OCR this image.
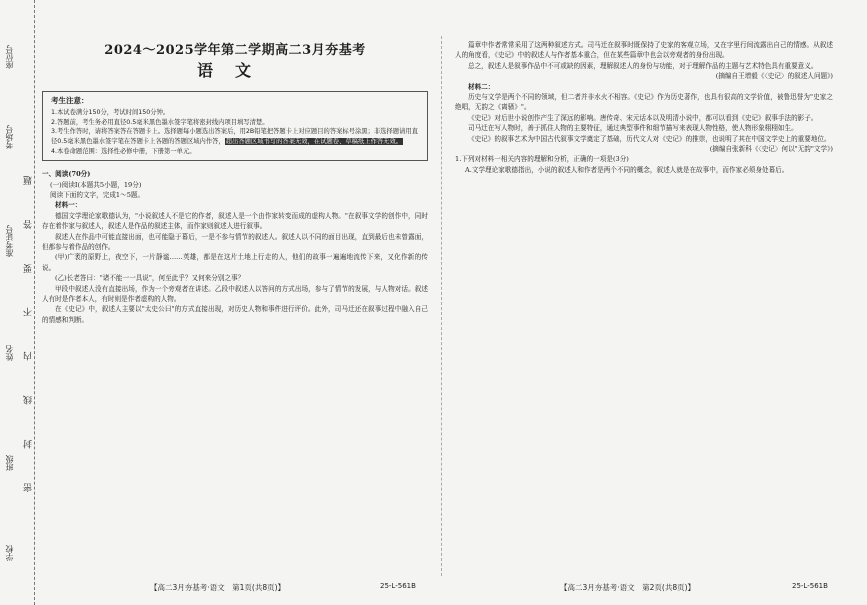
学校
班级
姓名
准考证号
考场号
座位号
密 封 线 内 不 要 答 题
2024～2025学年第二学期高二3月夯基考
语文
考生注意：
1.本试卷满分150分，考试时间150分钟。
2.答题前，考生务必用直径0.5毫米黑色墨水签字笔将密封线内项目填写清楚。
3.考生作答时，请将答案答在答题卡上。选择题每小题选出答案后，用2B铅笔把答题卡上对应题目的答案标号涂黑；非选择题请用直径0.5毫米黑色墨水签字笔在答题卡上各题的答题区域内作答，超出答题区域书写的答案无效，在试题卷、草稿纸上作答无效。
4.本卷命题范围：选择性必修中册，下册第一单元。

一、阅读(70分)

(一)阅读Ⅰ(本题共5小题，19分)

阅读下面的文字，完成1～5题。

材料一：

德国文学理论家歌德认为，"小说叙述人不是它的作者，叙述人是一个由作家转变而成的虚构人物。"在叙事文学的创作中，同时存在着作家与叙述人，叙述人是作品的叙述主体，而作家则叙述人进行叙事。

叙述人在作品中可能直接出面，也可能隐于幕后，一是不参与情节的叙述人。叙述人以不同的面目出现，直到最后也未曾露面，但都参与着作品的创作。

(甲)广袤的原野上，夜空下，一片静谧……英雄，都是在这片土地上行走的人，他们的故事一遍遍地流传下来，又化作新的传说。

(乙)长老答曰："诸不能一一具说"，何至此乎？又何来分别之事？

甲段中叙述人没有直接出场，作为一个旁观者在讲述。乙段中叙述人以答问的方式出场，参与了情节的发展，与人物对话。叙述人有时是作者本人，有时则是作者虚构的人物。

在《史记》中，叙述人主要以"太史公曰"的方式直接出现，对历史人物和事件进行评价。此外，司马迁还在叙事过程中融入自己的情感和判断。

篇章中作者常常采用了这两种叙述方式。司马迁在叙事时既保持了史家的客观立场，又在字里行间流露出自己的情感。从叙述人的角度看，《史记》中的叙述人与作者基本重合，但在某些篇章中也会以旁观者的身份出现。

总之，叙述人是叙事作品中不可或缺的因素，理解叙述人的身份与功能，对于理解作品的主题与艺术特色具有重要意义。

(摘编自王增毅《〈史记〉的叙述人问题》)

材料二：

历史与文学是两个不同的领域，但二者并非水火不相容。《史记》作为历史著作，也具有很高的文学价值，被鲁迅誉为"史家之绝唱，无韵之《离骚》"。

《史记》对后世小说创作产生了深远的影响。唐传奇、宋元话本以及明清小说中，都可以看到《史记》叙事手法的影子。

司马迁在写人物时，善于抓住人物的主要特征，通过典型事件和细节描写来表现人物性格，使人物形象栩栩如生。

《史记》的叙事艺术为中国古代叙事文学奠定了基础，历代文人对《史记》的推崇，也说明了其在中国文学史上的重要地位。

(摘编自张新科《〈史记〉何以"无韵"文学》)

1.下列对材料一相关内容的理解和分析，正确的一项是(3分)

A.文学理论家歌德指出，小说的叙述人和作者是两个不同的概念，叙述人就是在故事中，而作家必须身处幕后。

【高二3月夯基考·语文　第1页(共8页)】	25-L-561B	【高二3月夯基考·语文　第2页(共8页)】	25-L-561B
